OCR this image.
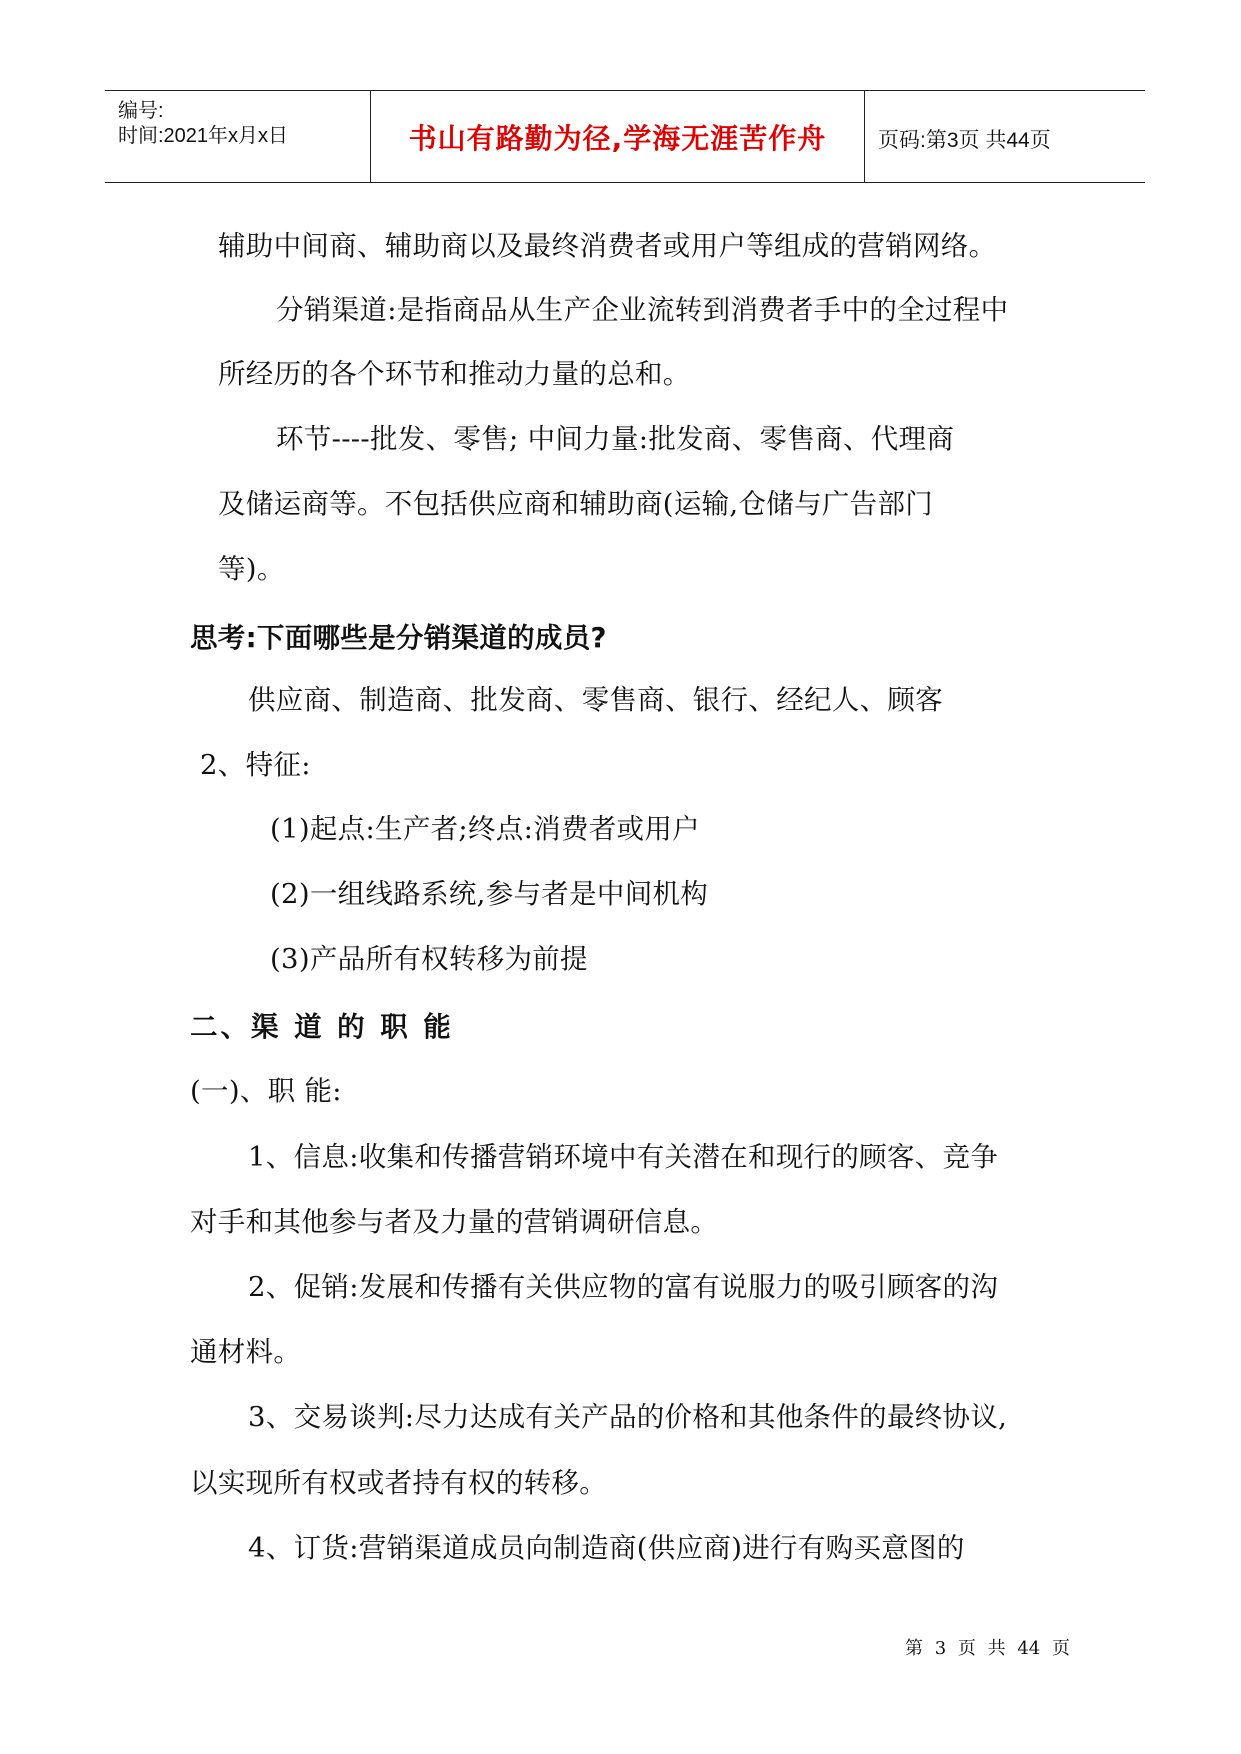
编号:
时间:2021年x月x日	书山有路勤为径,学海无涯苦作舟	页码:第3页 共44页
辅助中间商、辅助商以及最终消费者或用户等组成的营销网络。
分销渠道:是指商品从生产企业流转到消费者手中的全过程中
所经历的各个环节和推动力量的总和。
环节----批发、零售; 中间力量:批发商、零售商、代理商
及储运商等。不包括供应商和辅助商(运输,仓储与广告部门
等)。
思考:下面哪些是分销渠道的成员?
供应商、制造商、批发商、零售商、银行、经纪人、顾客
2、特征:
(1)起点:生产者;终点:消费者或用户
(2)一组线路系统,参与者是中间机构
(3)产品所有权转移为前提
二、渠 道 的 职 能
(一)、职 能:
1、信息:收集和传播营销环境中有关潜在和现行的顾客、竞争
对手和其他参与者及力量的营销调研信息。
2、促销:发展和传播有关供应物的富有说服力的吸引顾客的沟
通材料。
3、交易谈判:尽力达成有关产品的价格和其他条件的最终协议,
以实现所有权或者持有权的转移。
4、订货:营销渠道成员向制造商(供应商)进行有购买意图的
第 3 页 共 44 页
